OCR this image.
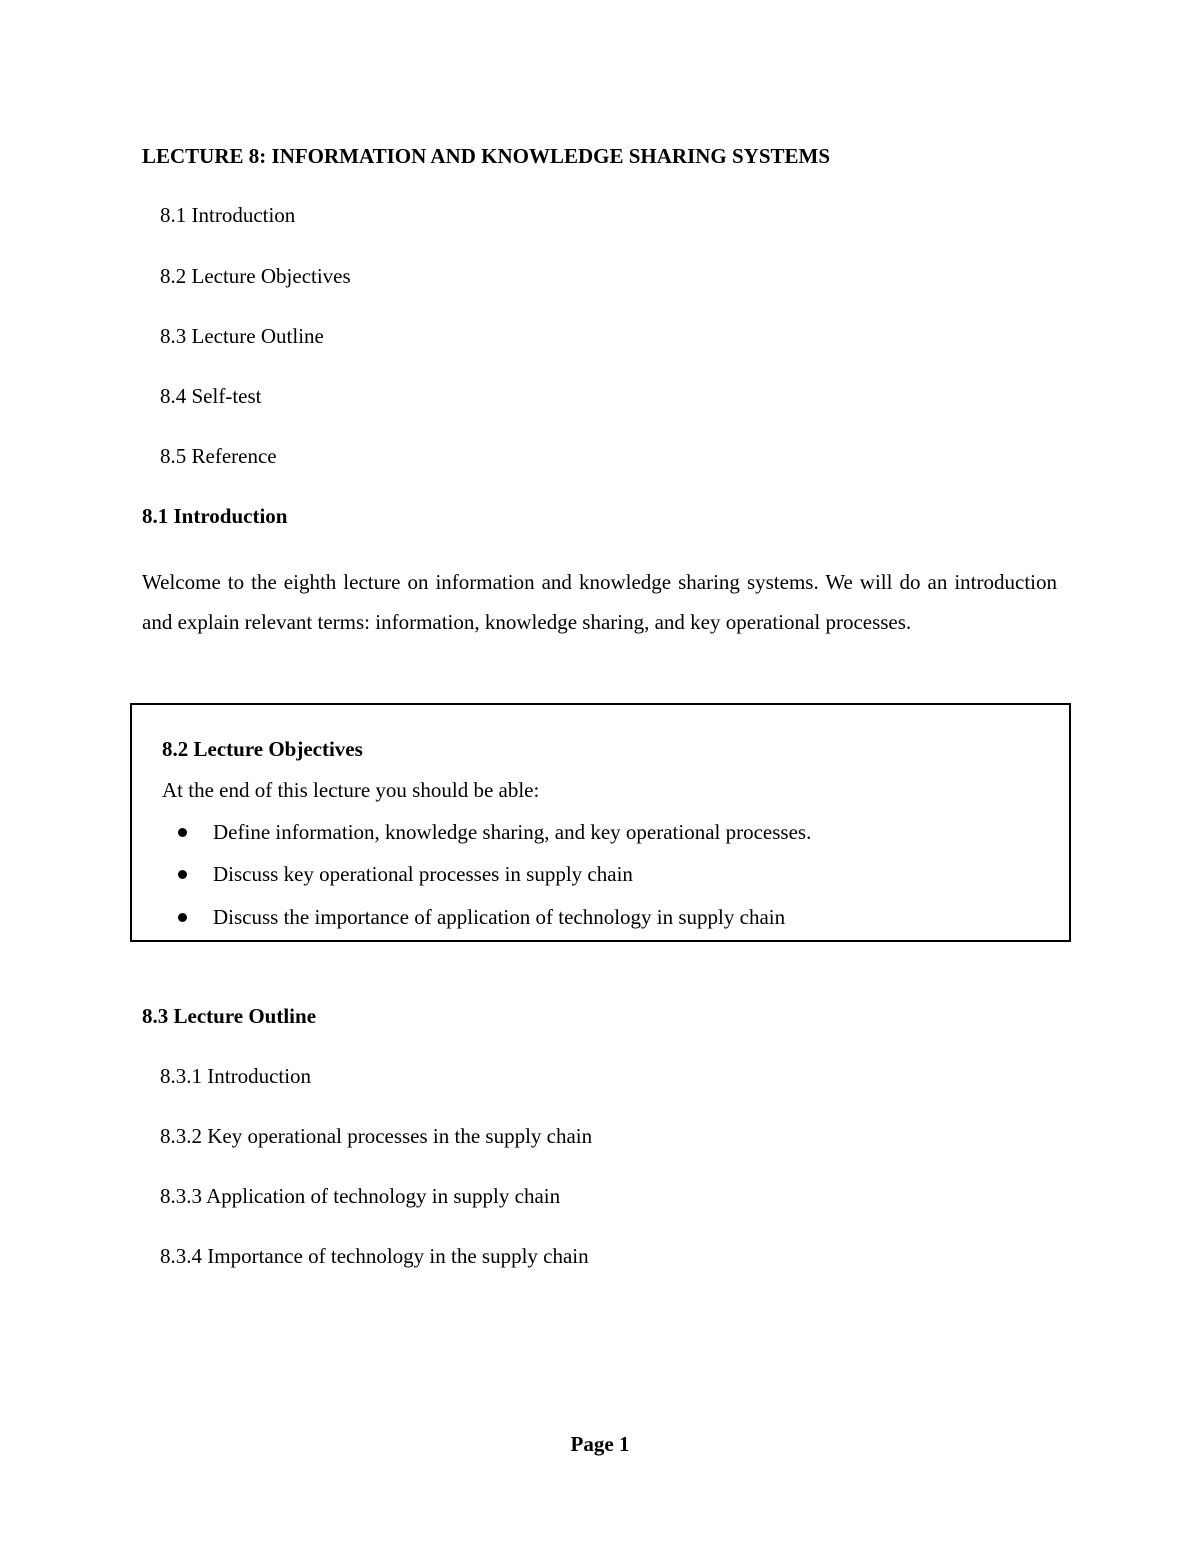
LECTURE 8: INFORMATION AND KNOWLEDGE SHARING SYSTEMS
8.1 Introduction
8.2 Lecture Objectives
8.3 Lecture Outline
8.4 Self-test
8.5 Reference
8.1 Introduction
Welcome to the eighth lecture on information and knowledge sharing systems. We will do an introduction and explain relevant terms: information, knowledge sharing, and key operational processes.
8.2 Lecture Objectives
At the end of this lecture you should be able:
Define information, knowledge sharing, and key operational processes.
Discuss key operational processes in supply chain
Discuss the importance of application of technology in supply chain
8.3 Lecture Outline
8.3.1 Introduction
8.3.2 Key operational processes in the supply chain
8.3.3 Application of technology in supply chain
8.3.4 Importance of technology in the supply chain
Page 1
